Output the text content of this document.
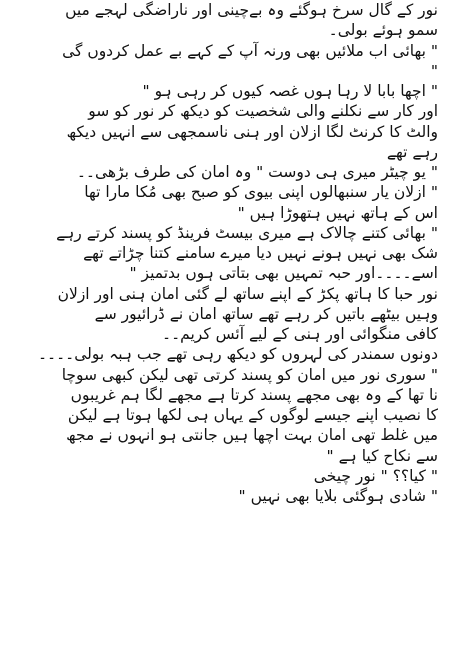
نور کے گال سرخ ہوگئے وہ بےچینی اور ناراضگی لہجے میں
سمو ہوئے بولی۔
" بھائی اب ملائیں بھی ورنہ آپ کے کہے بے عمل کردوں گی
"
" اچھا بابا لا رہا ہوں غصہ کیوں کر رہی ہو "
اور کار سے نکلنے والی شخصیت کو دیکھ کر نور کو سو
والٹ کا کرنٹ لگا ازلان اور ہنی ناسمجھی سے انہیں دیکھ
رہے تھے
" یو چیٹر میری ہی دوست " وہ امان کی طرف بڑھی۔۔
" ازلان یار سنبھالوں اپنی بیوی کو صبح بھی مُکا مارا تھا
اس کے ہاتھ نہیں ہتھوڑا ہیں "
" بھائی کتنے چالاک ہے میری بیسٹ فرینڈ کو پسند کرتے رہے
شک بھی نہیں ہونے نہیں دیا میرے سامنے کتنا چڑاتے تھے
اسے۔۔۔۔اور حبہ تمہیں بھی بتاتی ہوں بدتمیز "
نور حبا کا ہاتھ پکڑ کے اپنے ساتھ لے گئی امان ہنی اور ازلان
وہیں بیٹھے باتیں کر رہے تھے ساتھ امان نے ڈرائیور سے
کافی منگوائی اور ہنی کے لیے آئس کریم۔۔
دونوں سمندر کی لہروں کو دیکھ رہی تھے جب ہبہ بولی۔۔۔۔
" سوری نور میں امان کو پسند کرتی تھی لیکن کبھی سوچا
نا تھا کے وہ بھی مجھے پسند کرتا ہے مجھے لگا ہم غریبوں
کا نصیب اپنے جیسے لوگوں کے یہاں ہی لکھا ہوتا ہے لیکن
میں غلط تھی امان بہت اچھا ہیں جانتی ہو انہوں نے مجھ
سے نکاح کیا ہے "
" کیا؟؟ " نور چیخی
" شادی ہوگئی بلایا بھی نہیں "
